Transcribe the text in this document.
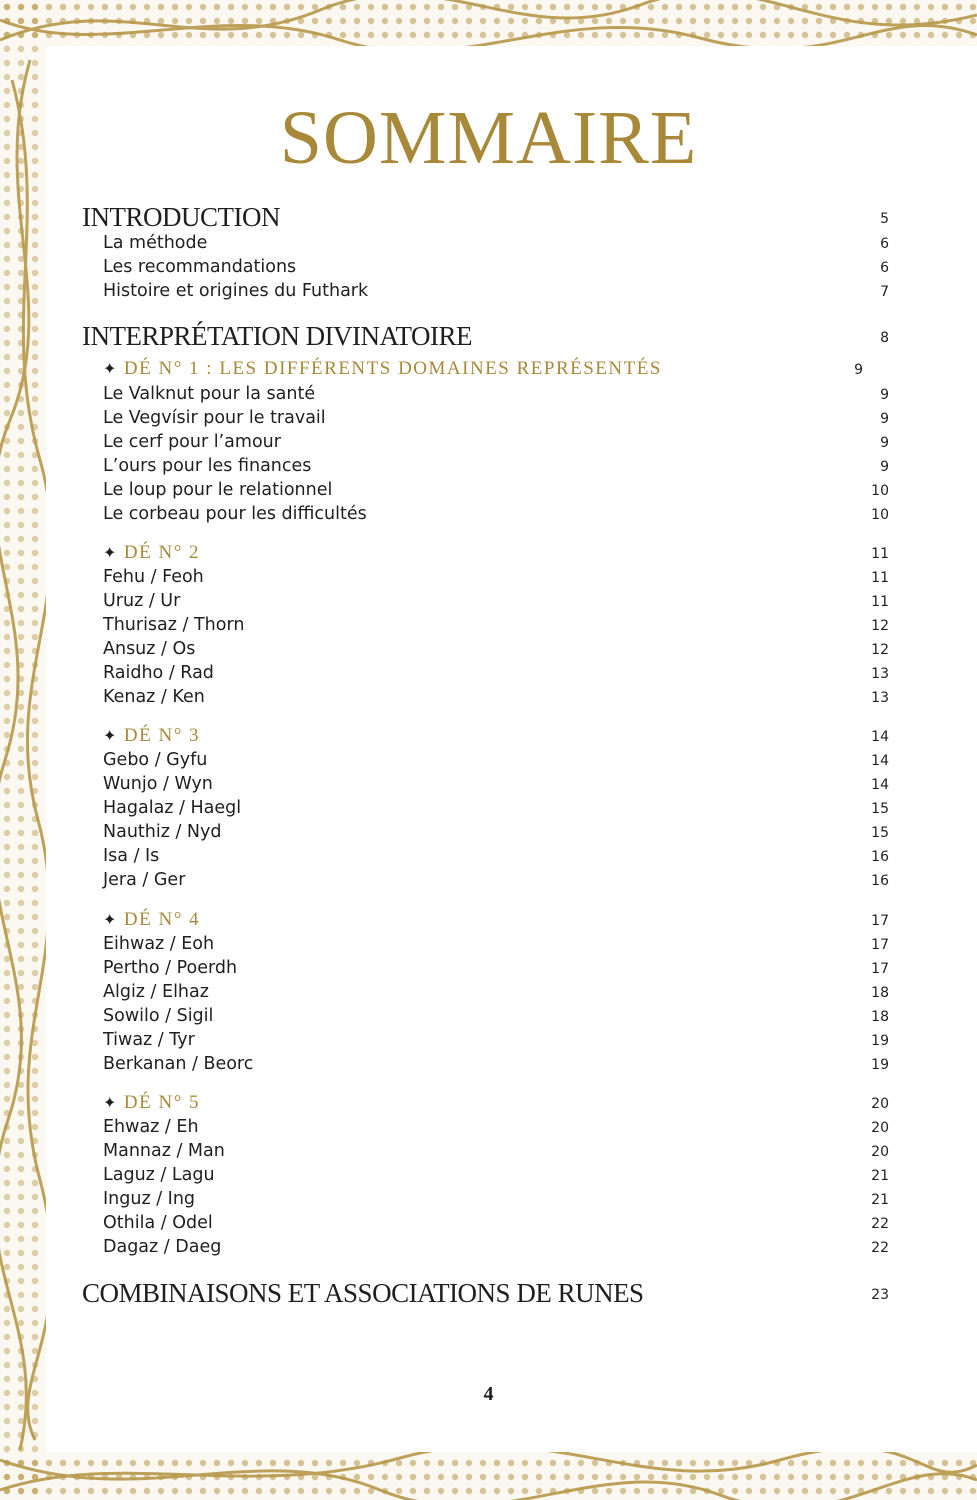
SOMMAIRE
INTRODUCTION	5
La méthode	6
Les recommandations	6
Histoire et origines du Futhark	7
INTERPRÉTATION DIVINATOIRE	8
✦ DÉ N° 1 : LES DIFFÉRENTS DOMAINES REPRÉSENTÉS	9
Le Valknut pour la santé	9
Le Vegvísir pour le travail	9
Le cerf pour l’amour	9
L’ours pour les finances	9
Le loup pour le relationnel	10
Le corbeau pour les difficultés	10
✦ DÉ N° 2	11
Fehu / Feoh	11
Uruz / Ur	11
Thurisaz / Thorn	12
Ansuz / Os	12
Raidho / Rad	13
Kenaz / Ken	13
✦ DÉ N° 3	14
Gebo / Gyfu	14
Wunjo / Wyn	14
Hagalaz / Haegl	15
Nauthiz / Nyd	15
Isa / Is	16
Jera / Ger	16
✦ DÉ N° 4	17
Eihwaz / Eoh	17
Pertho / Poerdh	17
Algiz / Elhaz	18
Sowilo / Sigil	18
Tiwaz / Tyr	19
Berkanan / Beorc	19
✦ DÉ N° 5	20
Ehwaz / Eh	20
Mannaz / Man	20
Laguz / Lagu	21
Inguz / Ing	21
Othila / Odel	22
Dagaz / Daeg	22
COMBINAISONS ET ASSOCIATIONS DE RUNES	23
4
